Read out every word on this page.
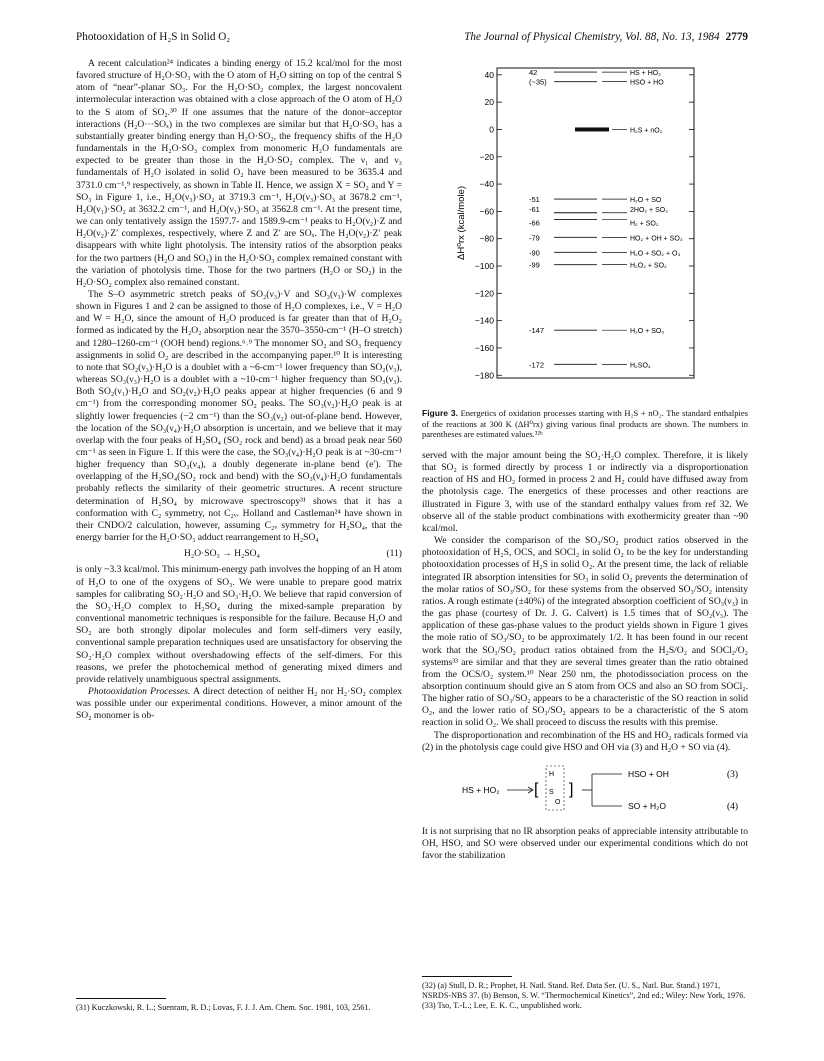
Photooxidation of H₂S in Solid O₂	The Journal of Physical Chemistry, Vol. 88, No. 13, 1984 2779

A recent calculation²⁴ indicates a binding energy of 15.2 kcal/mol for the most favored structure of H₂O·SO₃ with the O atom of H₂O sitting on top of the central S atom of “near”-planar SO₃. For the H₂O·SO₂ complex, the largest noncovalent intermolecular interaction was obtained with a close approach of the O atom of H₂O to the S atom of SO₂.³⁰ If one assumes that the nature of the donor–acceptor interactions (H₂O···SOₓ) in the two complexes are similar but that H₂O·SO₃ has a substantially greater binding energy than H₂O·SO₂, the frequency shifts of the H₂O fundamentals in the H₂O·SO₃ complex from monomeric H₂O fundamentals are expected to be greater than those in the H₂O·SO₂ complex. The ν₁ and ν₃ fundamentals of H₂O isolated in solid O₂ have been measured to be 3635.4 and 3731.0 cm⁻¹,⁹ respectively, as shown in Table II. Hence, we assign X = SO₂ and Y = SO₃ in Figure 1, i.e., H₂O(ν₃)·SO₂ at 3719.3 cm⁻¹, H₂O(ν₃)·SO₃ at 3678.2 cm⁻¹, H₂O(ν₁)·SO₂ at 3632.2 cm⁻¹, and H₂O(ν₁)·SO₃ at 3562.8 cm⁻¹. At the present time, we can only tentatively assign the 1597.7- and 1589.9-cm⁻¹ peaks to H₂O(ν₂)·Z and H₂O(ν₂)·Z′ complexes, respectively, where Z and Z′ are SOₓ. The H₂O(ν₂)·Z′ peak disappears with white light photolysis. The intensity ratios of the absorption peaks for the two partners (H₂O and SO₃) in the H₂O·SO₃ complex remained constant with the variation of photolysis time. Those for the two partners (H₂O or SO₂) in the H₂O·SO₂ complex also remained constant.

The S–O asymmetric stretch peaks of SO₂(ν₃)·V and SO₃(ν₃)·W complexes shown in Figures 1 and 2 can be assigned to those of H₂O complexes, i.e., V = H₂O and W = H₂O, since the amount of H₂O produced is far greater than that of H₂O₂ formed as indicated by the H₂O₂ absorption near the 3570–3550-cm⁻¹ (H–O stretch) and 1280–1260-cm⁻¹ (OOH bend) regions.⁶˒⁹ The monomer SO₂ and SO₃ frequency assignments in solid O₂ are described in the accompanying paper.¹⁰ It is interesting to note that SO₂(ν₃)·H₂O is a doublet with a ~6-cm⁻¹ lower frequency than SO₂(ν₃), whereas SO₃(ν₃)·H₂O is a doublet with a ~10-cm⁻¹ higher frequency than SO₃(ν₃). Both SO₂(ν₁)·H₂O and SO₂(ν₂)·H₂O peaks appear at higher frequencies (6 and 9 cm⁻¹) from the corresponding monomer SO₂ peaks. The SO₃(ν₂)·H₂O peak is at slightly lower frequencies (−2 cm⁻¹) than the SO₃(ν₂) out-of-plane bend. However, the location of the SO₃(ν₄)·H₂O absorption is uncertain, and we believe that it may overlap with the four peaks of H₂SO₄ (SO₂ rock and bend) as a broad peak near 560 cm⁻¹ as seen in Figure 1. If this were the case, the SO₃(ν₄)·H₂O peak is at ~30-cm⁻¹ higher frequency than SO₃(ν₄), a doubly degenerate in-plane bend (e′). The overlapping of the H₂SO₄(SO₂ rock and bend) with the SO₃(ν₄)·H₂O fundamentals probably reflects the similarity of their geometric structures. A recent structure determination of H₂SO₄ by microwave spectroscopy³¹ shows that it has a conformation with C₂ symmetry, not C₂ᵥ. Holland and Castleman²⁴ have shown in their CNDO/2 calculation, however, assuming C₂ᵥ symmetry for H₂SO₄, that the energy barrier for the H₂O·SO₃ adduct rearrangement to H₂SO₄

H₂O·SO₃ → H₂SO₄	(11)

is only ~3.3 kcal/mol. This minimum-energy path involves the hopping of an H atom of H₂O to one of the oxygens of SO₃. We were unable to prepare good matrix samples for calibrating SO₂·H₂O and SO₃·H₂O. We believe that rapid conversion of the SO₃·H₂O complex to H₂SO₄ during the mixed-sample preparation by conventional manometric techniques is responsible for the failure. Because H₂O and SO₂ are both strongly dipolar molecules and form self-dimers very easily, conventional sample preparation techniques used are unsatisfactory for observing the SO₂·H₂O complex without overshadowing effects of the self-dimers. For this reasons, we prefer the photochemical method of generating mixed dimers and provide relatively unambiguous spectral assignments.

Photooxidation Processes. A direct detection of neither H₂ nor H₂·SO₂ complex was possible under our experimental conditions. However, a minor amount of the SO₂ monomer is ob-

(31) Kuczkowski, R. L.; Suenram, R. D.; Lovas, F. J. J. Am. Chem. Soc. 1981, 103, 2561.
40
20
0
−20
−40
−60
−80
−100
−120
−140
−160
−180
ΔH⁰rx (kcal/mole)
42	HS + HO₂
(~35)	HSO + HO
H₂S + nO₂
-51	H₂O + SO
-61	2HO₂ + SO₂
-66	H₂ + SO₂
-79	HO₂ + OH + SO₃
-90	H₂O + SO₂ + O₃
-99	H₂O₂ + SO₂
-147	H₂O + SO₃
-172	H₂SO₄
Figure 3. Energetics of oxidation processes starting with H₂S + nO₂. The standard enthalpies of the reactions at 300 K (ΔH⁰rx) giving various final products are shown. The numbers in parentheses are estimated values.³²ᵇ

served with the major amount being the SO₂·H₂O complex. Therefore, it is likely that SO₂ is formed directly by process 1 or indirectly via a disproportionation reaction of HS and HO₂ formed in process 2 and H₂ could have diffused away from the photolysis cage. The energetics of these processes and other reactions are illustrated in Figure 3, with use of the standard enthalpy values from ref 32. We observe all of the stable product combinations with exothermicity greater than ~90 kcal/mol.

We consider the comparison of the SO₃/SO₂ product ratios observed in the photooxidation of H₂S, OCS, and SOCl₂ in solid O₂ to be the key for understanding photooxidation processes of H₂S in solid O₂. At the present time, the lack of reliable integrated IR absorption intensities for SO₃ in solid O₂ prevents the determination of the molar ratios of SO₃/SO₂ for these systems from the observed SO₃/SO₂ intensity ratios. A rough estimate (±40%) of the integrated absorption coefficient of SO₃(ν₃) in the gas phase (courtesy of Dr. J. G. Calvert) is 1.5 times that of SO₂(ν₃). The application of these gas-phase values to the product yields shown in Figure 1 gives the mole ratio of SO₃/SO₂ to be approximately 1/2. It has been found in our recent work that the SO₃/SO₂ product ratios obtained from the H₂S/O₂ and SOCl₂/O₂ systems³³ are similar and that they are several times greater than the ratio obtained from the OCS/O₂ system.¹⁰ Near 250 nm, the photodissociation process on the absorption continuum should give an S atom from OCS and also an SO from SOCl₂. The higher ratio of SO₃/SO₂ appears to be a characteristic of the SO reaction in solid O₂, and the lower ratio of SO₃/SO₂ appears to be a characteristic of the S atom reaction in solid O₂. We shall proceed to discuss the results with this premise.

The disproportionation and recombination of the HS and HO₂ radicals formed via (2) in the photolysis cage could give HSO and OH via (3) and H₂O + SO via (4).

HS + HO₂ [
H
S
O
]
HSO + OH
SO + H₂O
(3)
(4)

It is not surprising that no IR absorption peaks of appreciable intensity attributable to OH, HSO, and SO were observed under our experimental conditions which do not favor the stabilization

(32) (a) Stull, D. R.; Prophet, H. Natl. Stand. Ref. Data Ser. (U. S., Natl. Bur. Stand.) 1971, NSRDS-NBS 37. (b) Benson, S. W. “Thermochemical Kinetics”, 2nd ed.; Wiley: New York, 1976.
(33) Tso, T.-L.; Lee, E. K. C., unpublished work.
